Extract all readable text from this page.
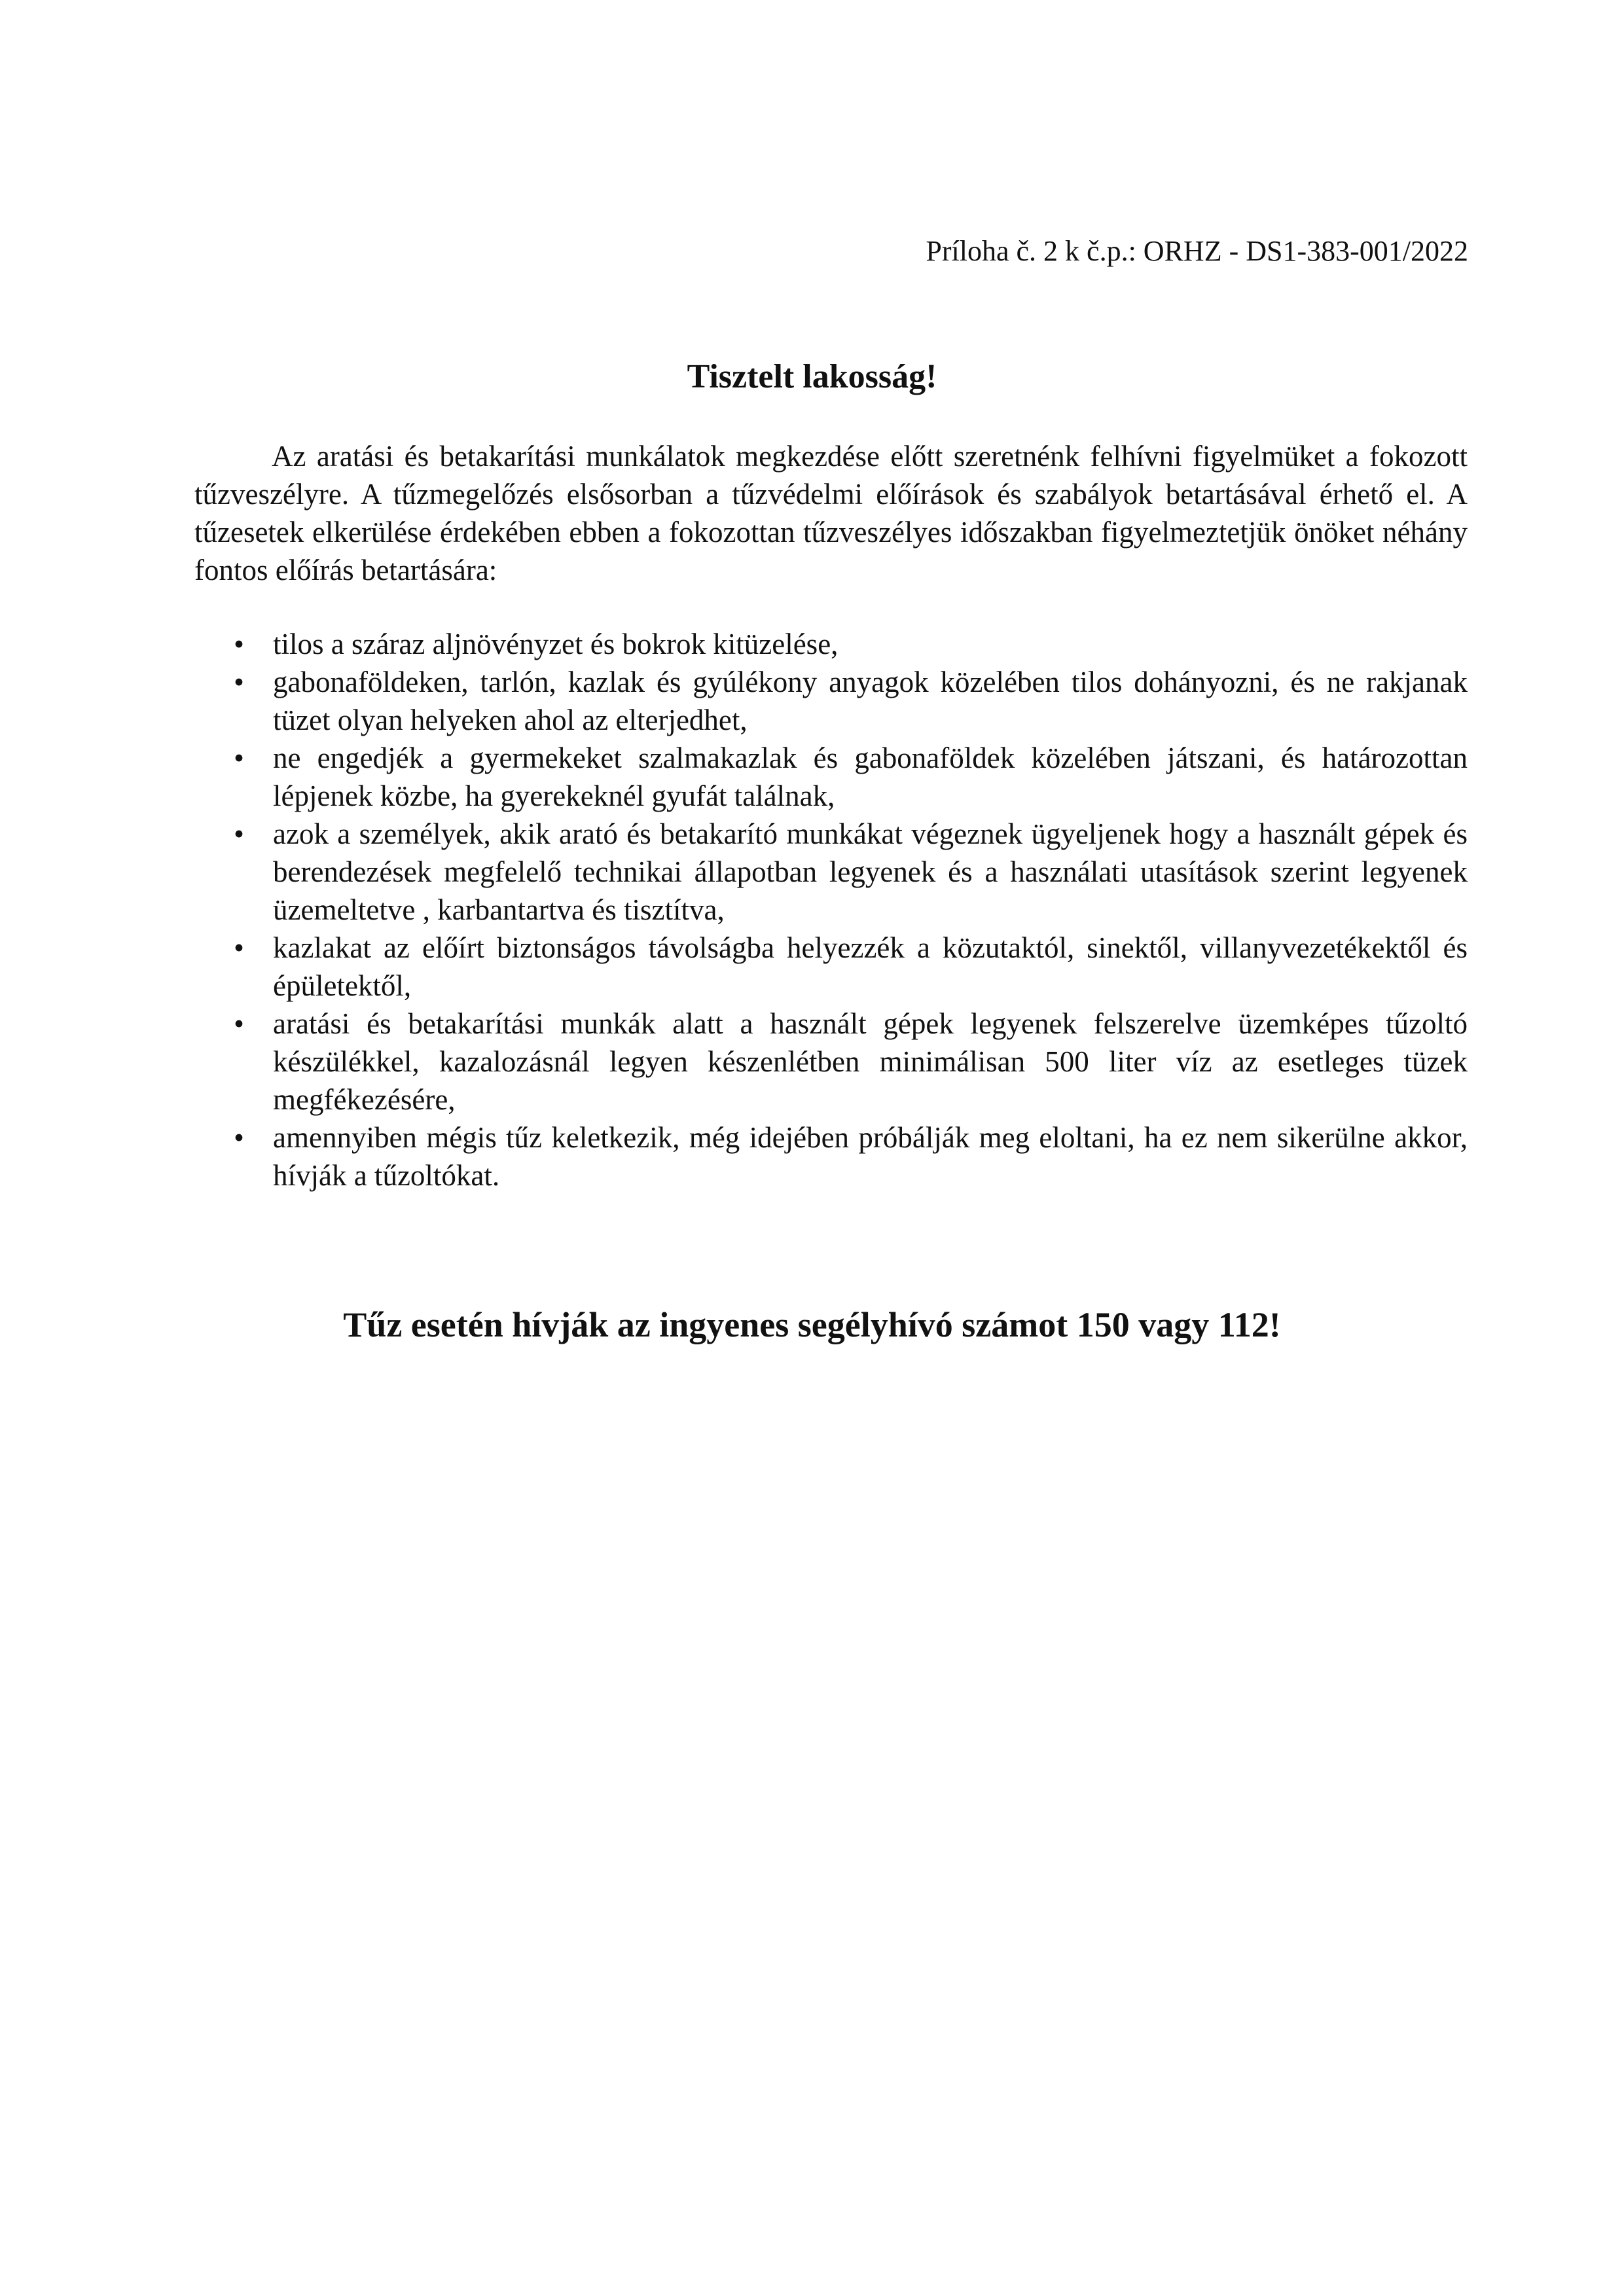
Príloha č. 2 k č.p.: ORHZ - DS1-383-001/2022
Tisztelt lakosság!

Az aratási és betakarítási munkálatok megkezdése előtt szeretnénk felhívni figyelmüket a fokozott tűzveszélyre. A tűzmegelőzés elsősorban a tűzvédelmi előírások és szabályok betartásával érhető el. A tűzesetek elkerülése érdekében ebben a fokozottan tűzveszélyes időszakban figyelmeztetjük önöket néhány fontos előírás betartására:

• tilos a száraz aljnövényzet és bokrok kitüzelése,
• gabonaföldeken, tarlón, kazlak és gyúlékony anyagok közelében tilos dohányozni, és ne rakjanak tüzet olyan helyeken ahol az elterjedhet,
• ne engedjék a gyermekeket szalmakazlak és gabonaföldek közelében játszani, és határozottan lépjenek közbe, ha gyerekeknél gyufát találnak,
• azok a személyek, akik arató és betakarító munkákat végeznek ügyeljenek hogy a használt gépek és berendezések megfelelő technikai állapotban legyenek és a használati utasítások szerint legyenek üzemeltetve , karbantartva és tisztítva,
• kazlakat az előírt biztonságos távolságba helyezzék a közutaktól, sinektől, villanyvezetékektől és épületektől,
• aratási és betakarítási munkák alatt a használt gépek legyenek felszerelve üzemképes tűzoltó készülékkel, kazalozásnál legyen készenlétben minimálisan 500 liter víz az esetleges tüzek megfékezésére,
• amennyiben mégis tűz keletkezik, még idejében próbálják meg eloltani, ha ez nem sikerülne akkor, hívják a tűzoltókat.
Tűz esetén hívják az ingyenes segélyhívó számot 150 vagy 112!
